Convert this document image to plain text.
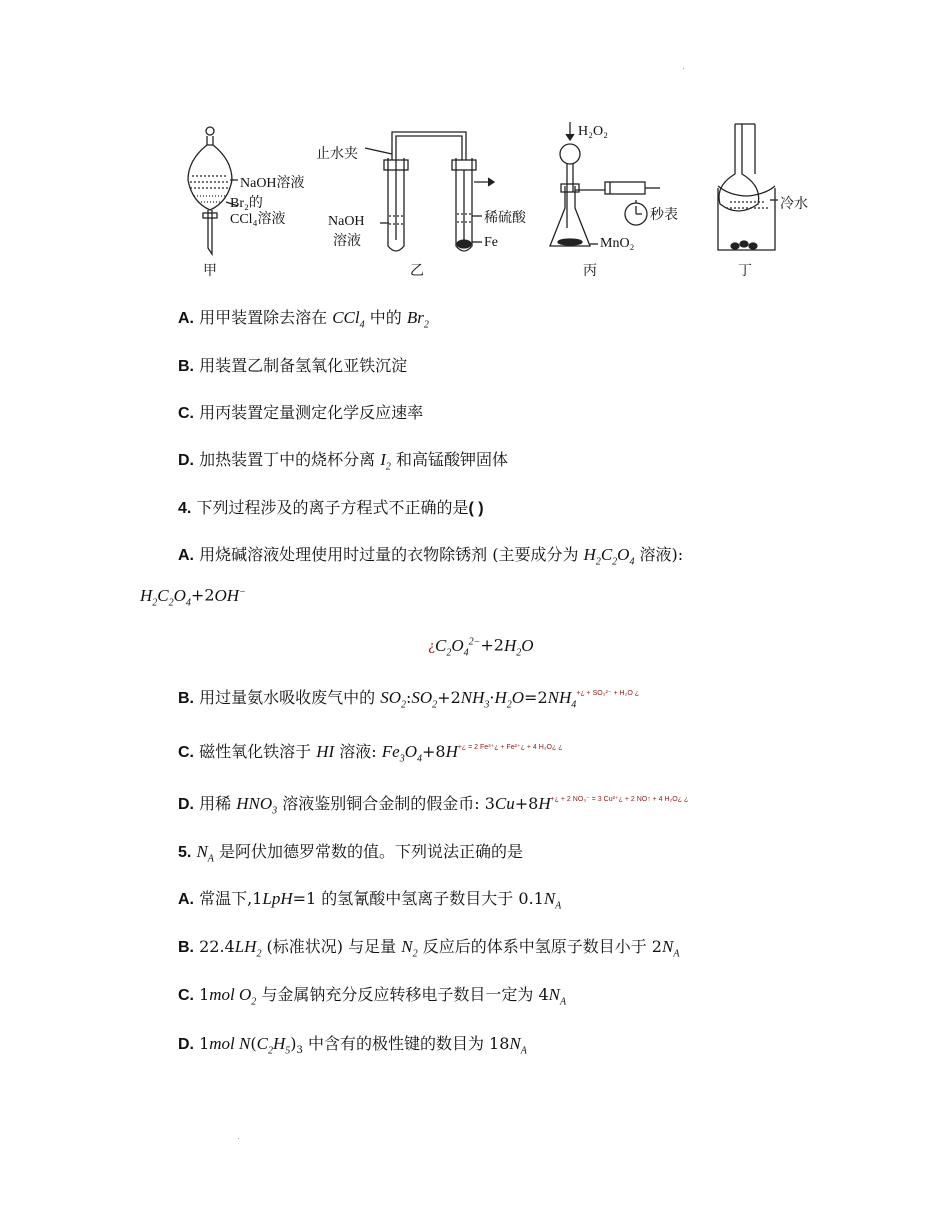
NaOH溶液
Br₂的
CCl₄溶液
甲
止水夹
NaOH
溶液
稀硫酸
Fe
乙
H₂O₂
秒表
MnO₂
丙
冷水
丁
A. 用甲装置除去溶在 CCl$_4$ 中的 $Br_2$
B. 用装置乙制备氢氧化亚铁沉淀
C. 用丙装置定量测定化学反应速率
D. 加热装置丁中的烧杯分离 $I_2$ 和高锰酸钾固体
4. 下列过程涉及的离子方程式不正确的是( )
A. 用烧碱溶液处理使用时过量的衣物除锈剂 (主要成分为 $H_2C_2O_4$ 溶液):
$H_2C_2O_4+2OH^-$
¿$C_2O_4^{2-}+2H_2O$
B. 用过量氨水吸收废气中的 $SO_2:SO_2+2NH_3\cdot H_2O=2NH_4^{+¿ + SO_3^{2-} + H_2O ¿}$
C. 磁性氧化铁溶于 HI 溶液: $Fe_3O_4+8H^{+¿ = 2 Fe^{3+}¿ + Fe^{2+}¿ + 4 H_2O¿ ¿}$
D. 用稀 $HNO_3$ 溶液鉴别铜合金制的假金币: $3Cu+8H^{+¿ + 2 NO_3^- = 3 Cu^{2+}¿ + 2 NO↑ + 4 H_2O¿ ¿}$
5. $N_A$ 是阿伏加德罗常数的值。下列说法正确的是
A. 常温下,1LpH=1 的氢氰酸中氢离子数目大于 $0.1N_A$
B. $22.4LH_2$ (标准状况) 与足量 $N_2$ 反应后的体系中氢原子数目小于 $2N_A$
C. 1mol $O_2$ 与金属钠充分反应转移电子数目一定为 $4N_A$
D. 1mol $N(C_2H_5)_3$ 中含有的极性键的数目为 $18N_A$
